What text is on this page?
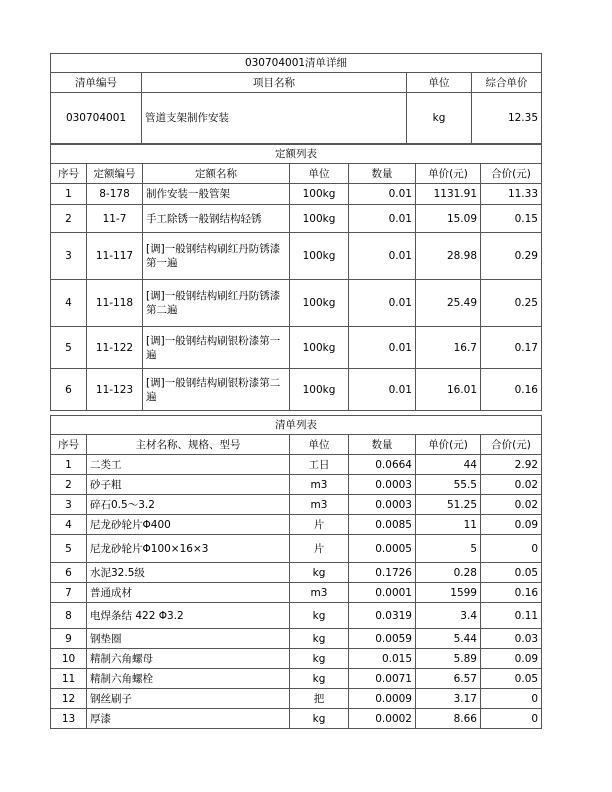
030704001清单详细			
清单编号	项目名称	单位	综合单价
030704001	管道支架制作安装	kg	12.35
定额列表						
序号	定额编号	定额名称	单位	数量	单价(元)	合价(元)
1	8-178	制作安装一般管架	100kg	0.01	1131.91	11.33
2	11-7	手工除锈一般钢结构轻锈	100kg	0.01	15.09	0.15
3	11-117	[调]一般钢结构刷红丹防锈漆第一遍	100kg	0.01	28.98	0.29
4	11-118	[调]一般钢结构刷红丹防锈漆第二遍	100kg	0.01	25.49	0.25
5	11-122	[调]一般钢结构刷银粉漆第一遍	100kg	0.01	16.7	0.17
6	11-123	[调]一般钢结构刷银粉漆第二遍	100kg	0.01	16.01	0.16
清单列表					
序号	主材名称、规格、型号	单位	数量	单价(元)	合价(元)
1	二类工	工日	0.0664	44	2.92
2	砂子粗	m3	0.0003	55.5	0.02
3	碎石0.5～3.2	m3	0.0003	51.25	0.02
4	尼龙砂轮片Φ400	片	0.0085	11	0.09
5	尼龙砂轮片Φ100×16×3	片	0.0005	5	0
6	水泥32.5级	kg	0.1726	0.28	0.05
7	普通成材	m3	0.0001	1599	0.16
8	电焊条结 422 Φ3.2	kg	0.0319	3.4	0.11
9	钢垫圈	kg	0.0059	5.44	0.03
10	精制六角螺母	kg	0.015	5.89	0.09
11	精制六角螺栓	kg	0.0071	6.57	0.05
12	钢丝刷子	把	0.0009	3.17	0
13	厚漆	kg	0.0002	8.66	0
